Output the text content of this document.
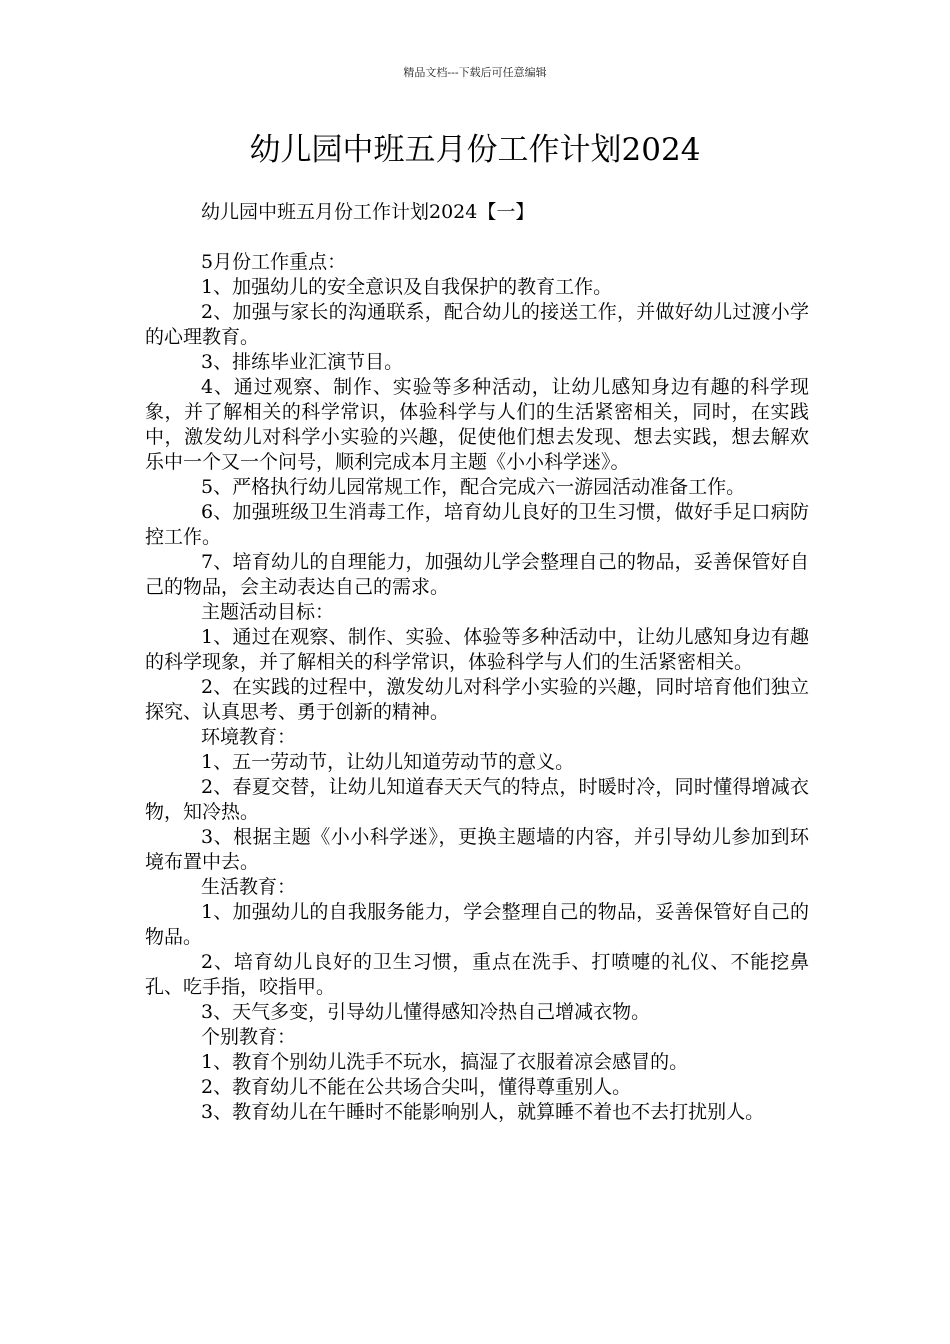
精品文档---下载后可任意编辑
幼儿园中班五月份工作计划2024
幼儿园中班五月份工作计划2024【一】

5月份工作重点：

1、加强幼儿的安全意识及自我保护的教育工作。

2、加强与家长的沟通联系，配合幼儿的接送工作，并做好幼儿过渡小学的心理教育。

3、排练毕业汇演节目。

4、通过观察、制作、实验等多种活动，让幼儿感知身边有趣的科学现象，并了解相关的科学常识，体验科学与人们的生活紧密相关，同时，在实践中，激发幼儿对科学小实验的兴趣，促使他们想去发现、想去实践，想去解欢乐中一个又一个问号，顺利完成本月主题《小小科学迷》。

5、严格执行幼儿园常规工作，配合完成六一游园活动准备工作。

6、加强班级卫生消毒工作，培育幼儿良好的卫生习惯，做好手足口病防控工作。

7、培育幼儿的自理能力，加强幼儿学会整理自己的物品，妥善保管好自己的物品，会主动表达自己的需求。

主题活动目标：

1、通过在观察、制作、实验、体验等多种活动中，让幼儿感知身边有趣的科学现象，并了解相关的科学常识，体验科学与人们的生活紧密相关。

2、在实践的过程中，激发幼儿对科学小实验的兴趣，同时培育他们独立探究、认真思考、勇于创新的精神。

环境教育：

1、五一劳动节，让幼儿知道劳动节的意义。

2、春夏交替，让幼儿知道春天天气的特点，时暖时冷，同时懂得增减衣物，知冷热。

3、根据主题《小小科学迷》，更换主题墙的内容，并引导幼儿参加到环境布置中去。

生活教育：

1、加强幼儿的自我服务能力，学会整理自己的物品，妥善保管好自己的物品。

2、培育幼儿良好的卫生习惯，重点在洗手、打喷嚏的礼仪、不能挖鼻孔、吃手指，咬指甲。

3、天气多变，引导幼儿懂得感知冷热自己增减衣物。

个别教育：

1、教育个别幼儿洗手不玩水，搞湿了衣服着凉会感冒的。

2、教育幼儿不能在公共场合尖叫，懂得尊重别人。

3、教育幼儿在午睡时不能影响别人，就算睡不着也不去打扰别人。
